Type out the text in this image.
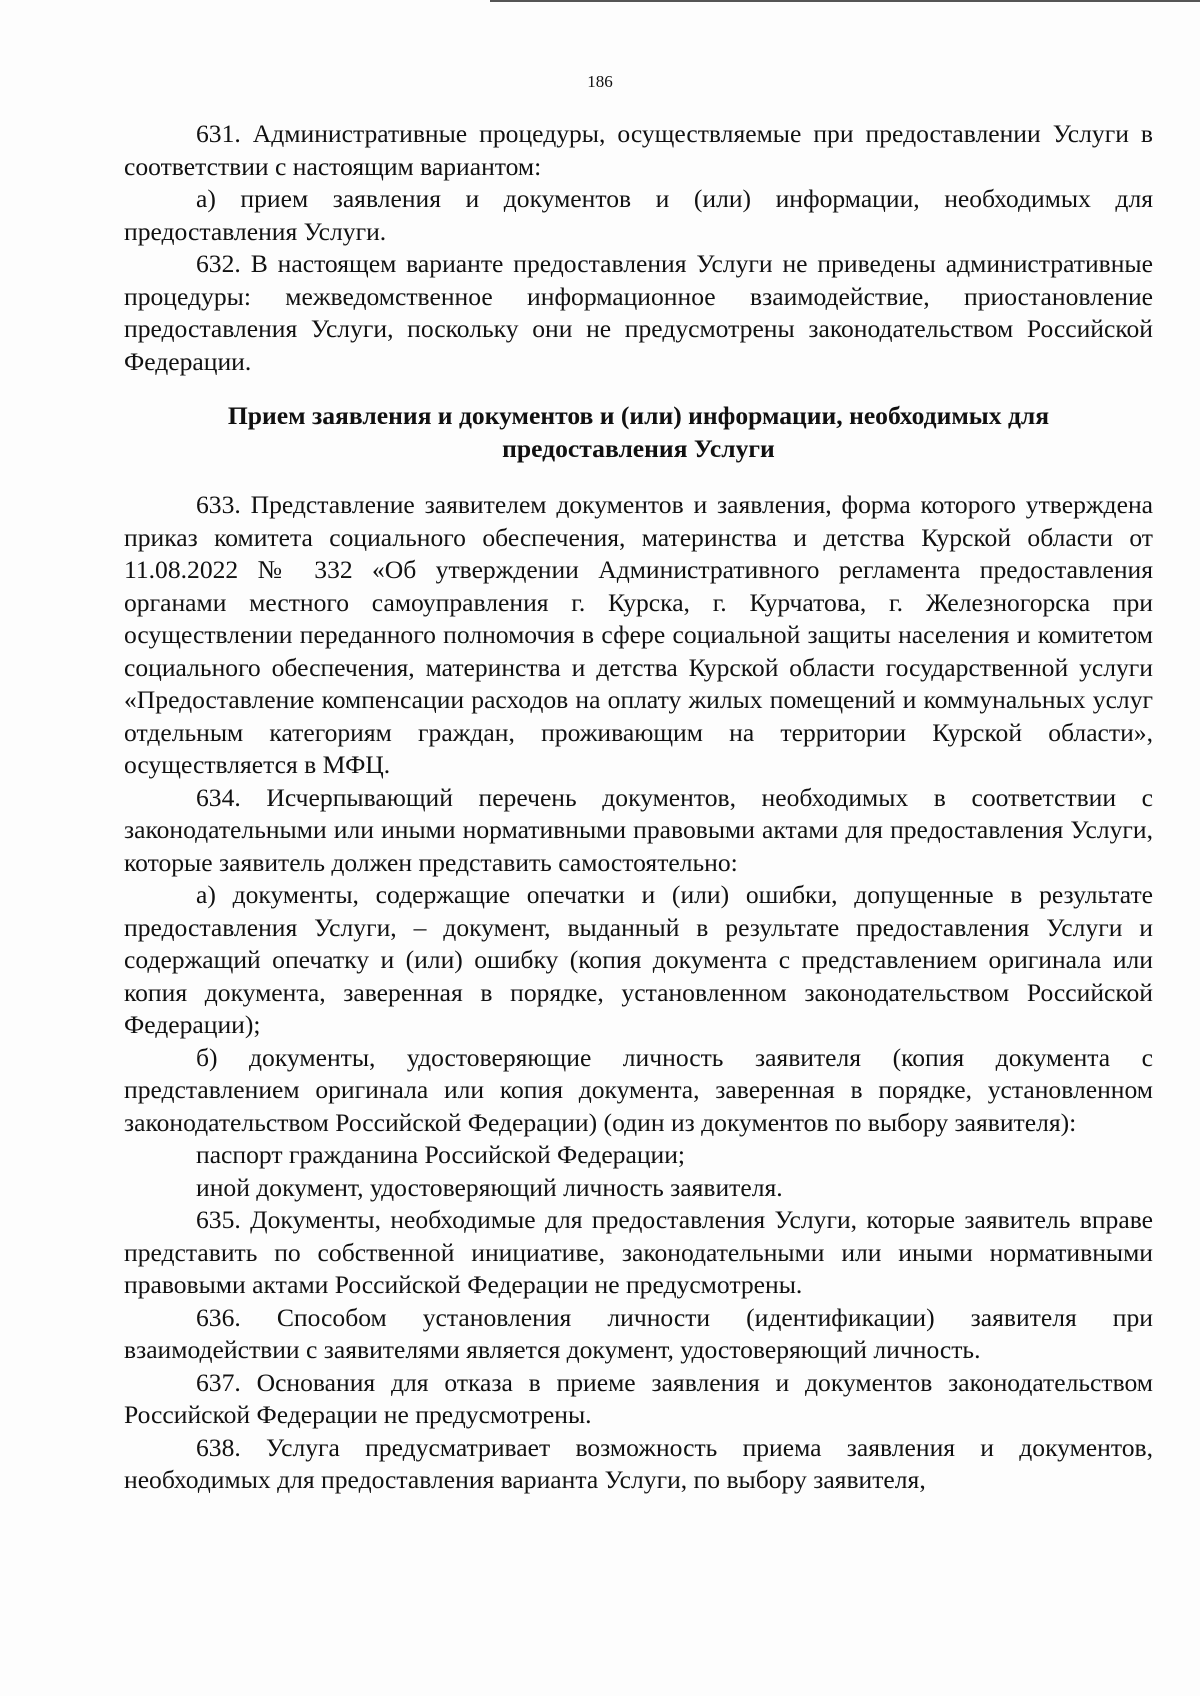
186

631. Административные процедуры, осуществляемые при предоставлении Услуги в соответствии с настоящим вариантом:

а) прием заявления и документов и (или) информации, необходимых для предоставления Услуги.

632. В настоящем варианте предоставления Услуги не приведены административные процедуры: межведомственное информационное взаимодействие, приостановление предоставления Услуги, поскольку они не предусмотрены законодательством Российской Федерации.

Прием заявления и документов и (или) информации, необходимых для
предоставления Услуги

633. Представление заявителем документов и заявления, форма которого утверждена приказ комитета социального обеспечения, материнства и детства Курской области от 11.08.2022 № 332 «Об утверждении Административного регламента предоставления органами местного самоуправления г. Курска, г. Курчатова, г. Железногорска при осуществлении переданного полномочия в сфере социальной защиты населения и комитетом социального обеспечения, материнства и детства Курской области государственной услуги «Предоставление компенсации расходов на оплату жилых помещений и коммунальных услуг отдельным категориям граждан, проживающим на территории Курской области», осуществляется в МФЦ.

634. Исчерпывающий перечень документов, необходимых в соответствии с законодательными или иными нормативными правовыми актами для предоставления Услуги, которые заявитель должен представить самостоятельно:

а) документы, содержащие опечатки и (или) ошибки, допущенные в результате предоставления Услуги, – документ, выданный в результате предоставления Услуги и содержащий опечатку и (или) ошибку (копия документа с представлением оригинала или копия документа, заверенная в порядке, установленном законодательством Российской Федерации);

б) документы, удостоверяющие личность заявителя (копия документа с представлением оригинала или копия документа, заверенная в порядке, установленном законодательством Российской Федерации) (один из документов по выбору заявителя):

паспорт гражданина Российской Федерации;

иной документ, удостоверяющий личность заявителя.

635. Документы, необходимые для предоставления Услуги, которые заявитель вправе представить по собственной инициативе, законодательными или иными нормативными правовыми актами Российской Федерации не предусмотрены.

636. Способом установления личности (идентификации) заявителя при взаимодействии с заявителями является документ, удостоверяющий личность.

637. Основания для отказа в приеме заявления и документов законодательством Российской Федерации не предусмотрены.

638. Услуга предусматривает возможность приема заявления и документов, необходимых для предоставления варианта Услуги, по выбору заявителя,
